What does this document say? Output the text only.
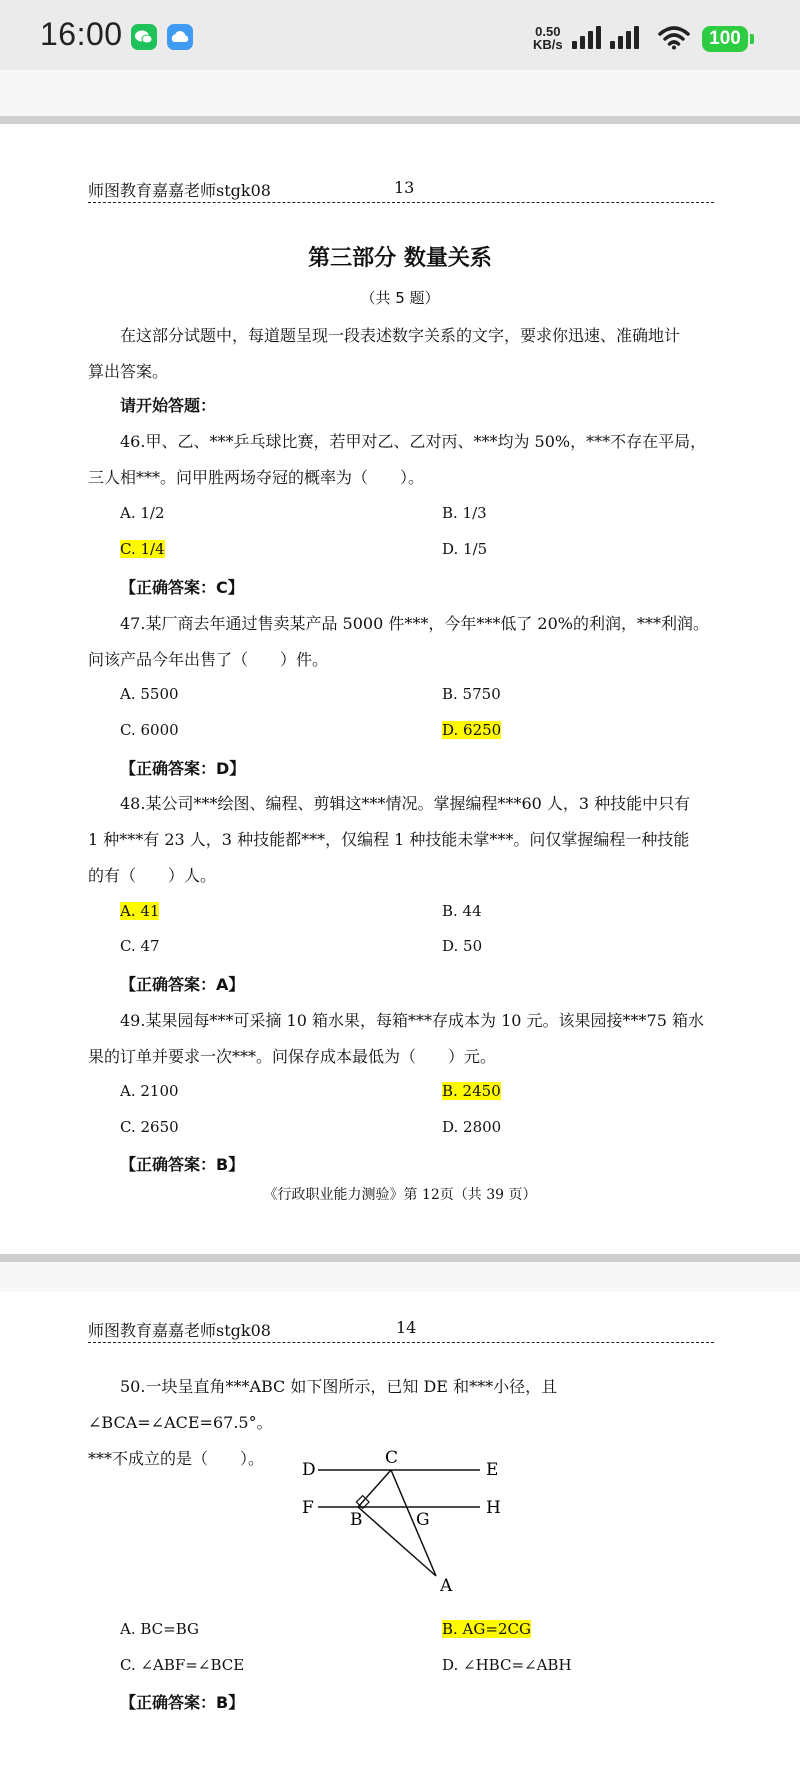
16:00	0.50
KB/s	100
师图教育嘉嘉老师stgk08	13
第三部分 数量关系
（共 5 题）
在这部分试题中，每道题呈现一段表述数字关系的文字，要求你迅速、准确地计
算出答案。
请开始答题：
46.甲、乙、***乒乓球比赛，若甲对乙、乙对丙、***均为 50%，***不存在平局，
三人相***。问甲胜两场夺冠的概率为（　　）。
A. 1/2	B. 1/3
C. 1/4	D. 1/5
【正确答案：C】
47.某厂商去年通过售卖某产品 5000 件***，今年***低了 20%的利润，***利润。
问该产品今年出售了（　　）件。
A. 5500	B. 5750
C. 6000	D. 6250
【正确答案：D】
48.某公司***绘图、编程、剪辑这***情况。掌握编程***60 人，3 种技能中只有
1 种***有 23 人，3 种技能都***，仅编程 1 种技能未掌***。问仅掌握编程一种技能
的有（　　）人。
A. 41	B. 44
C. 47	D. 50
【正确答案：A】
49.某果园每***可采摘 10 箱水果，每箱***存成本为 10 元。该果园接***75 箱水
果的订单并要求一次***。问保存成本最低为（　　）元。
A. 2100	B. 2450
C. 2650	D. 2800
【正确答案：B】
《行政职业能力测验》第 12页（共 39 页）
师图教育嘉嘉老师stgk08	14
50.一块呈直角***ABC 如下图所示，已知 DE 和***小径，且∠BCA=∠ACE=67.5°。
***不成立的是（　　）。
D	E
F	H
C
B	G
A
A. BC=BG	B. AG=2CG
C. ∠ABF=∠BCE	D. ∠HBC=∠ABH
【正确答案：B】
